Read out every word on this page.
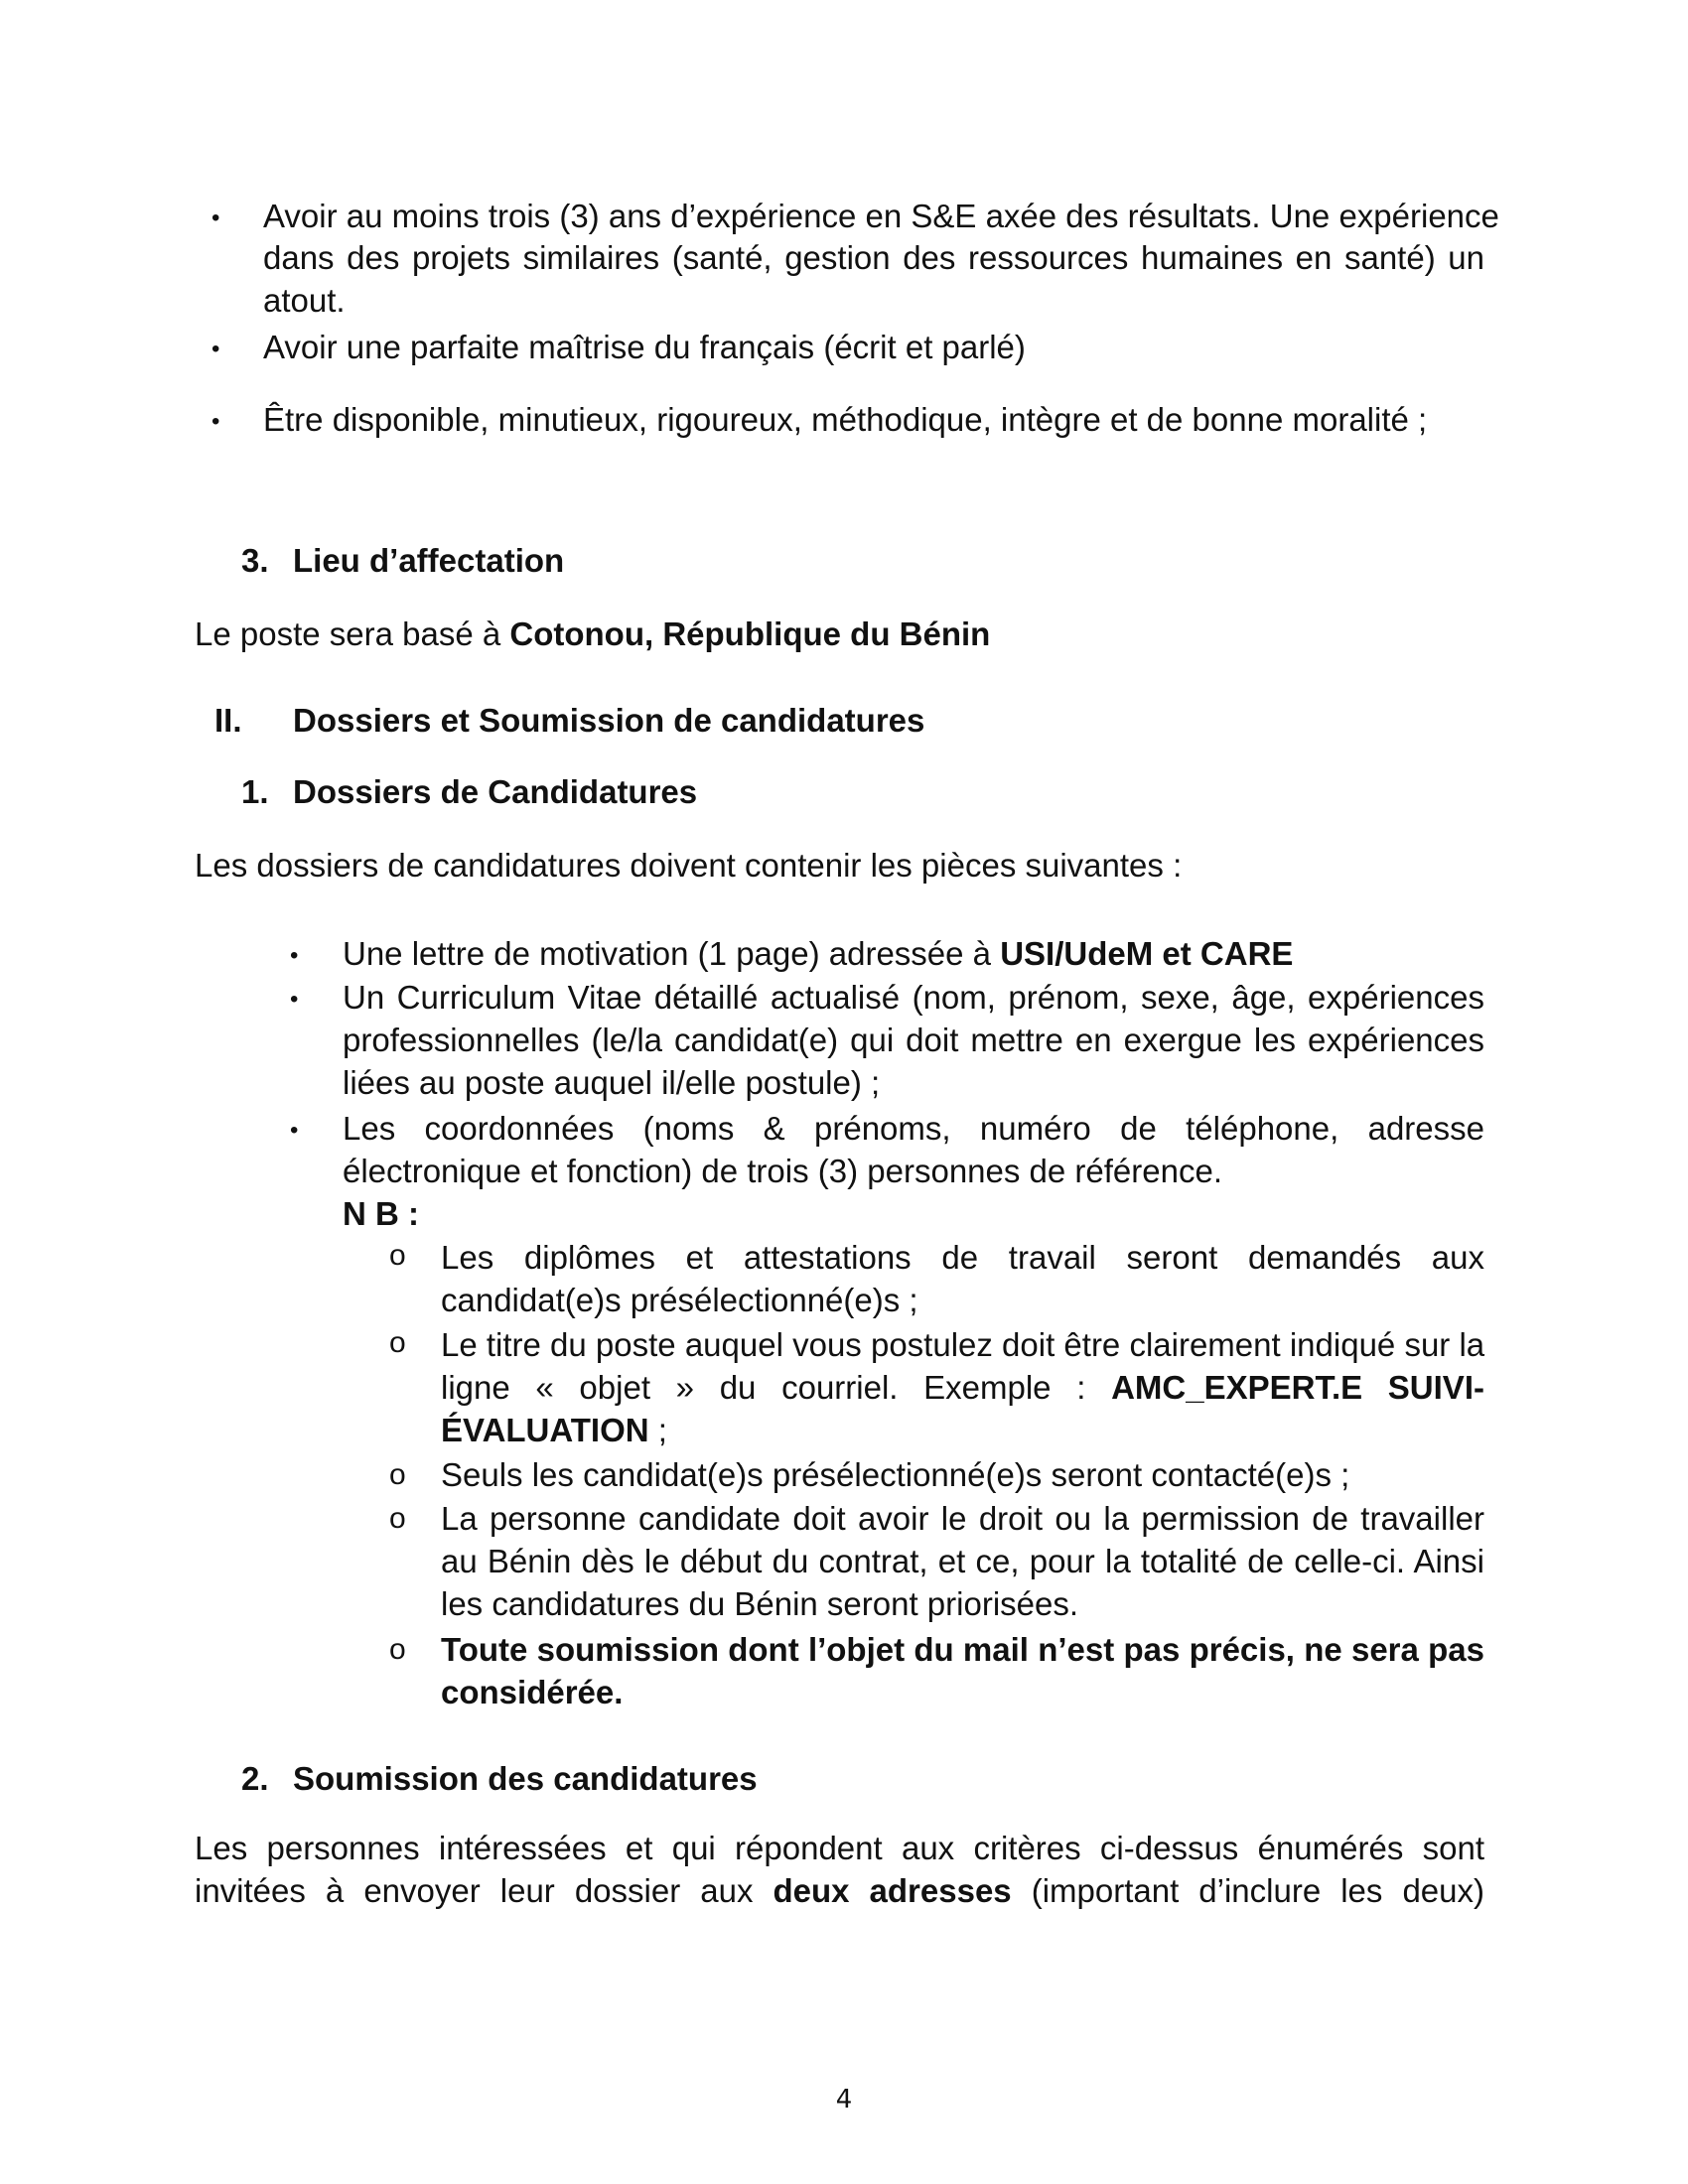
• Avoir au moins trois (3) ans d’expérience en S&E axée des résultats. Une expérience
dans des projets similaires (santé, gestion des ressources humaines en santé) un
atout.
• Avoir une parfaite maîtrise du français (écrit et parlé)
• Être disponible, minutieux, rigoureux, méthodique, intègre et de bonne moralité ;
3. Lieu d’affectation
Le poste sera basé à Cotonou, République du Bénin
II. Dossiers et Soumission de candidatures
1. Dossiers de Candidatures
Les dossiers de candidatures doivent contenir les pièces suivantes :
• Une lettre de motivation (1 page) adressée à USI/UdeM et CARE
• Un Curriculum Vitae détaillé actualisé (nom, prénom, sexe, âge, expériences
professionnelles (le/la candidat(e) qui doit mettre en exergue les expériences
liées au poste auquel il/elle postule) ;
• Les coordonnées (noms & prénoms, numéro de téléphone, adresse
électronique et fonction) de trois (3) personnes de référence.
N B :
o Les diplômes et attestations de travail seront demandés aux
candidat(e)s présélectionné(e)s ;
o Le titre du poste auquel vous postulez doit être clairement indiqué sur la
ligne « objet » du courriel. Exemple : AMC_EXPERT.E SUIVI-
ÉVALUATION ;
o Seuls les candidat(e)s présélectionné(e)s seront contacté(e)s ;
o La personne candidate doit avoir le droit ou la permission de travailler
au Bénin dès le début du contrat, et ce, pour la totalité de celle-ci. Ainsi
les candidatures du Bénin seront priorisées.
o Toute soumission dont l’objet du mail n’est pas précis, ne sera pas
considérée.
2. Soumission des candidatures
Les personnes intéressées et qui répondent aux critères ci-dessus énumérés sont
invitées à envoyer leur dossier aux deux adresses (important d’inclure les deux)
4
